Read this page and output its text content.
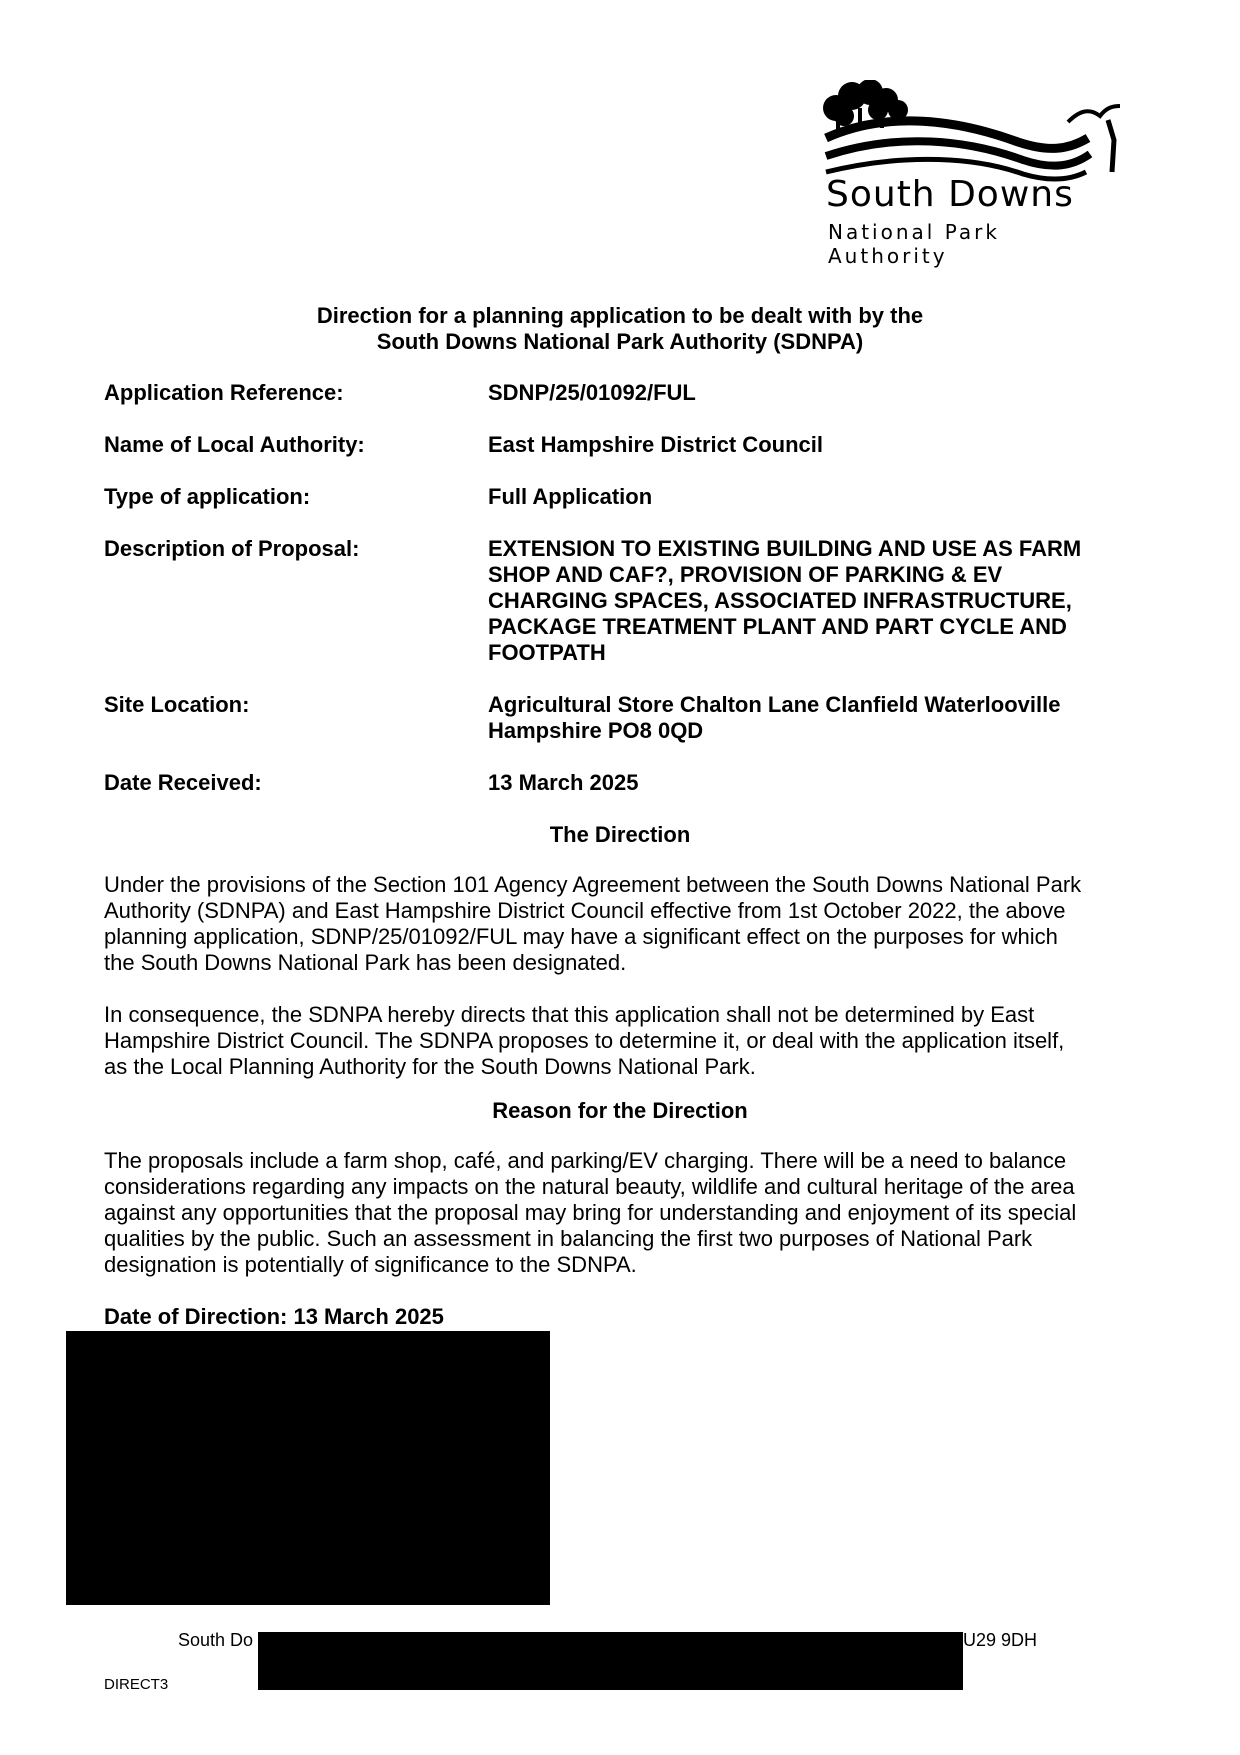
South Downs
National Park Authority
Direction for a planning application to be dealt with by the
South Downs National Park Authority (SDNPA)
Application Reference:	SDNP/25/01092/FUL
Name of Local Authority:	East Hampshire District Council
Type of application:	Full Application
Description of Proposal:	EXTENSION TO EXISTING BUILDING AND USE AS FARM
SHOP AND CAF?, PROVISION OF PARKING & EV
CHARGING SPACES, ASSOCIATED INFRASTRUCTURE,
PACKAGE TREATMENT PLANT AND PART CYCLE AND
FOOTPATH
Site Location:	Agricultural Store Chalton Lane Clanfield Waterlooville
Hampshire PO8 0QD
Date Received:	13 March 2025
The Direction
Under the provisions of the Section 101 Agency Agreement between the South Downs National Park
Authority (SDNPA) and East Hampshire District Council effective from 1st October 2022, the above
planning application, SDNP/25/01092/FUL may have a significant effect on the purposes for which
the South Downs National Park has been designated.
In consequence, the SDNPA hereby directs that this application shall not be determined by East
Hampshire District Council. The SDNPA proposes to determine it, or deal with the application itself,
as the Local Planning Authority for the South Downs National Park.
Reason for the Direction
The proposals include a farm shop, café, and parking/EV charging. There will be a need to balance
considerations regarding any impacts on the natural beauty, wildlife and cultural heritage of the area
against any opportunities that the proposal may bring for understanding and enjoyment of its special
qualities by the public. Such an assessment in balancing the first two purposes of National Park
designation is potentially of significance to the SDNPA.
Date of Direction: 13 March 2025
South Do	U29 9DH
DIRECT3
